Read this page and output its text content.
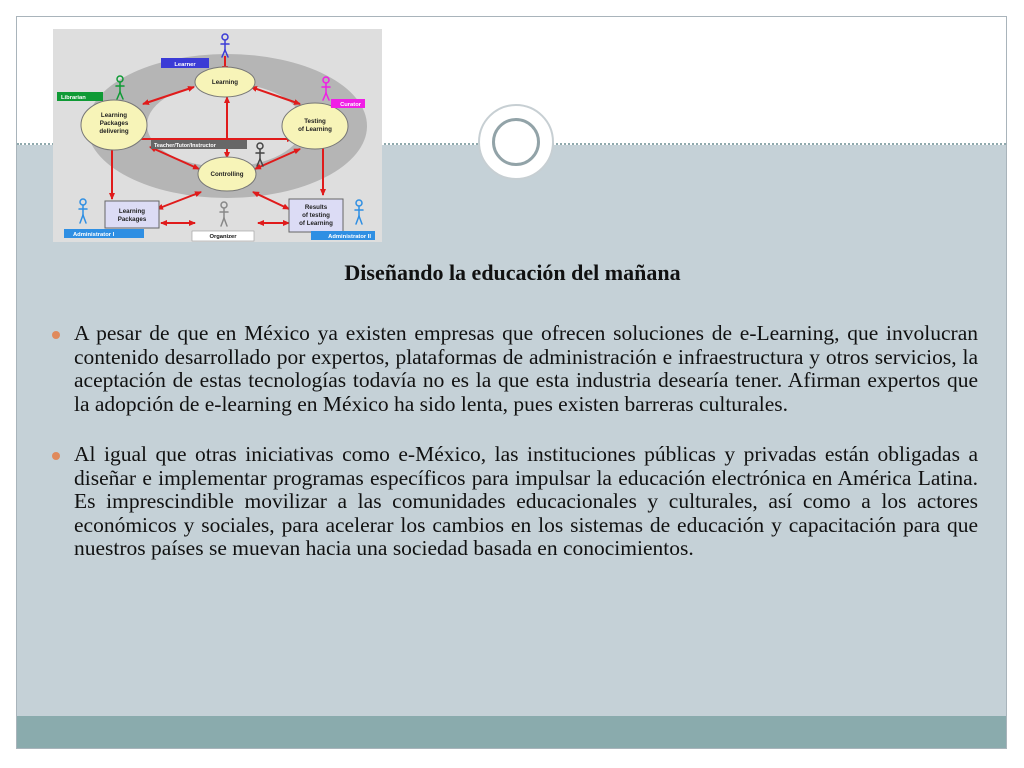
Learning
Learning
Packages
delivering
Testing
of Learning
Controlling
Learning
Packages
Results
of testing
of Learning
Learner
Librarian
Curator
Teacher/Tutor/Instructor
Administrator I	Organizer	Administrator II
Diseñando la educación del mañana
A pesar de que en México ya existen empresas que ofrecen soluciones de e-Learning, que involucran contenido desarrollado por expertos, plataformas de administración e infraestructura y otros servicios, la aceptación de estas tecnologías todavía no es la que esta industria desearía tener. Afirman expertos que la adopción de e-learning en México ha sido lenta, pues existen barreras culturales.
Al igual que otras iniciativas como e-México, las instituciones públicas y privadas están obligadas a diseñar e implementar programas específicos para impulsar la educación electrónica en América Latina. Es imprescindible movilizar a las comunidades educacionales y culturales, así como a los actores económicos y sociales, para acelerar los cambios en los sistemas de educación y capacitación para que nuestros países se muevan hacia una sociedad basada en conocimientos.
